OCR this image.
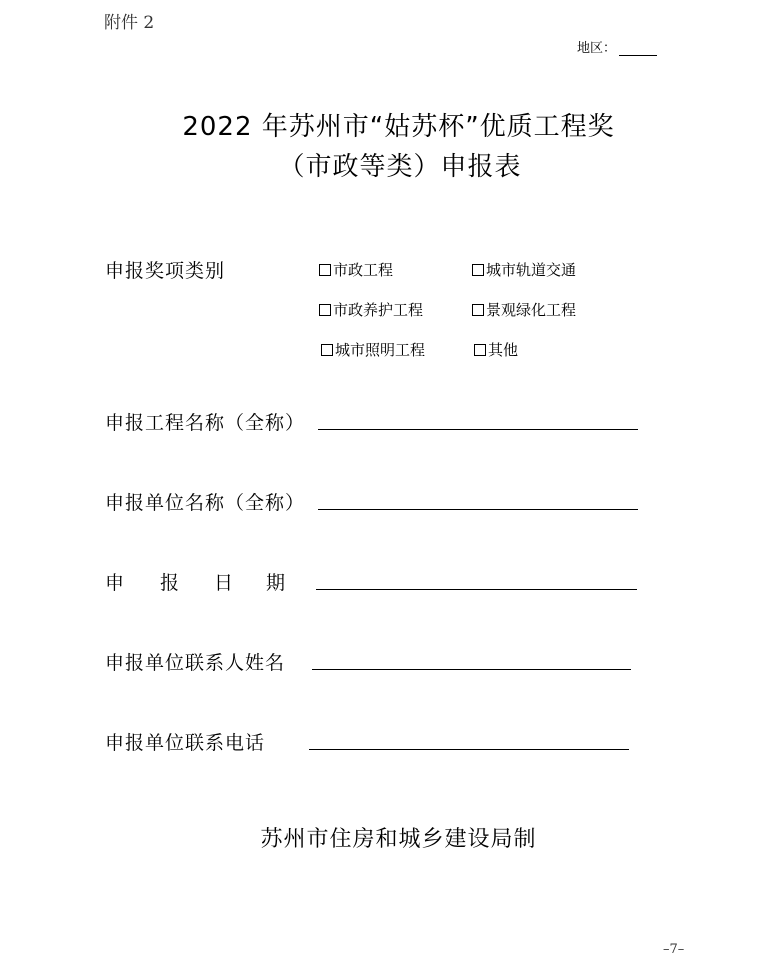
附件 2
地区：
2022 年苏州市“姑苏杯”优质工程奖
（市政等类）申报表
申报奖项类别	市政工程	城市轨道交通
市政养护工程	景观绿化工程
城市照明工程	其他
申报工程名称（全称）
申报单位名称（全称）
申 报 日 期
申报单位联系人姓名
申报单位联系电话
苏州市住房和城乡建设局制
–7–
